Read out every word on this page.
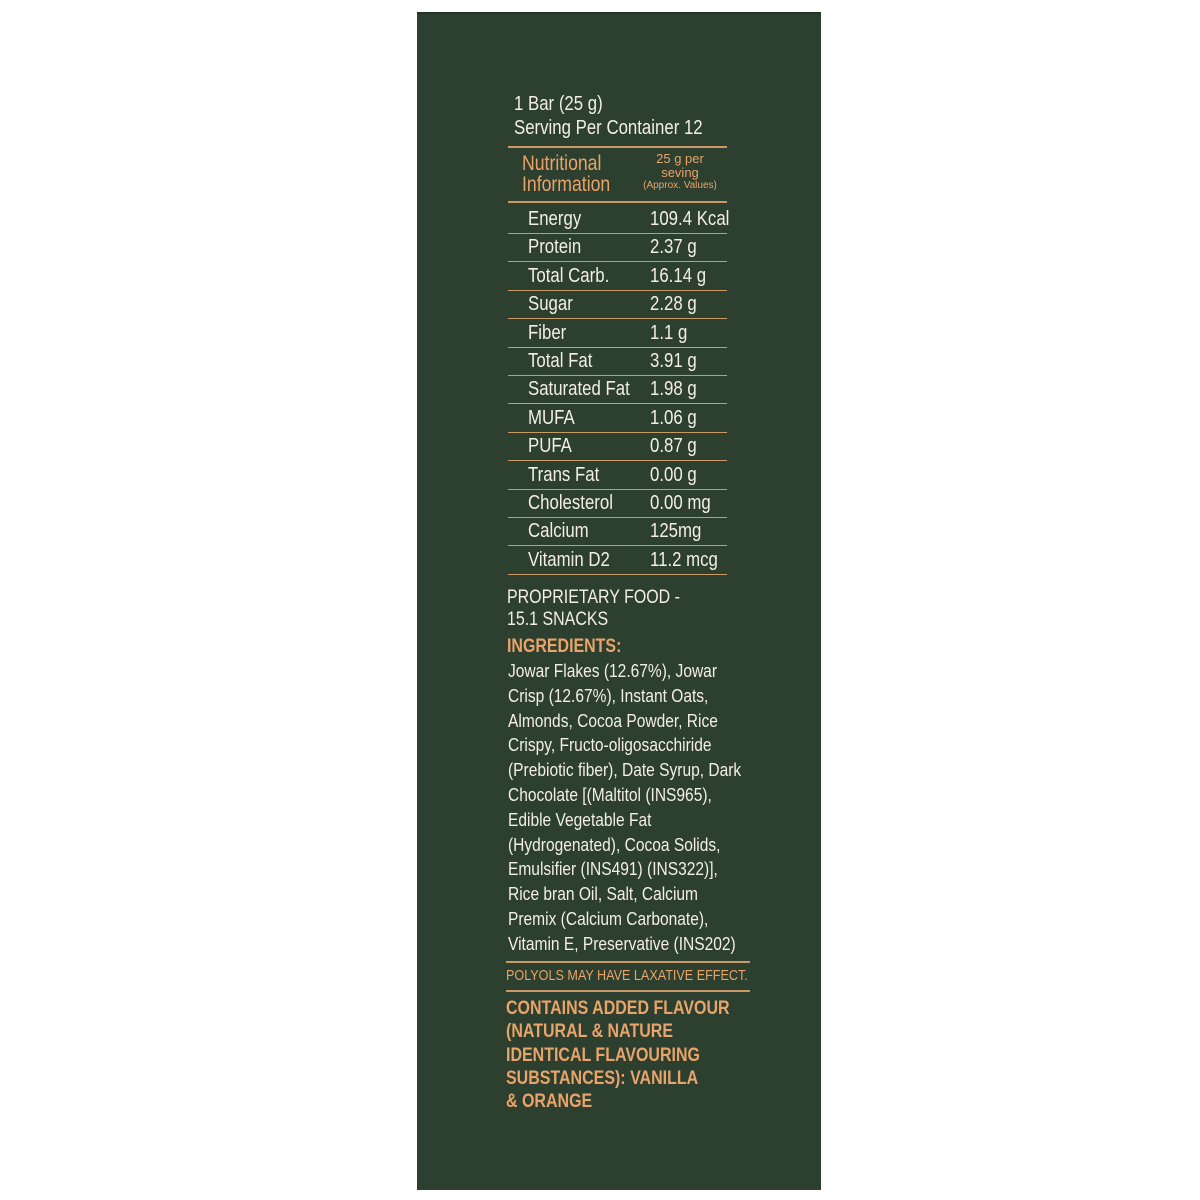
1 Bar (25 g)
Serving Per Container 12
Nutritional
Information
25 g per
seving
(Approx. Values)
Energy	109.4 Kcal
Protein	2.37 g
Total Carb. 16.14 g
Sugar	2.28 g
Fiber	1.1 g
Total Fat	3.91 g
Saturated Fat 1.98 g
MUFA	1.06 g
PUFA	0.87 g
Trans Fat	0.00 g
Cholesterol 0.00 mg
Calcium	125mg
Vitamin D2 11.2 mcg
PROPRIETARY FOOD -
15.1 SNACKS
INGREDIENTS:
Jowar Flakes (12.67%), Jowar
Crisp (12.67%), Instant Oats,
Almonds, Cocoa Powder, Rice
Crispy, Fructo-oligosacchiride
(Prebiotic fiber), Date Syrup, Dark
Chocolate [(Maltitol (INS965),
Edible Vegetable Fat
(Hydrogenated), Cocoa Solids,
Emulsifier (INS491) (INS322)],
Rice bran Oil, Salt, Calcium
Premix (Calcium Carbonate),
Vitamin E, Preservative (INS202)
POLYOLS MAY HAVE LAXATIVE EFFECT.
CONTAINS ADDED FLAVOUR
(NATURAL & NATURE
IDENTICAL FLAVOURING
SUBSTANCES): VANILLA
& ORANGE
